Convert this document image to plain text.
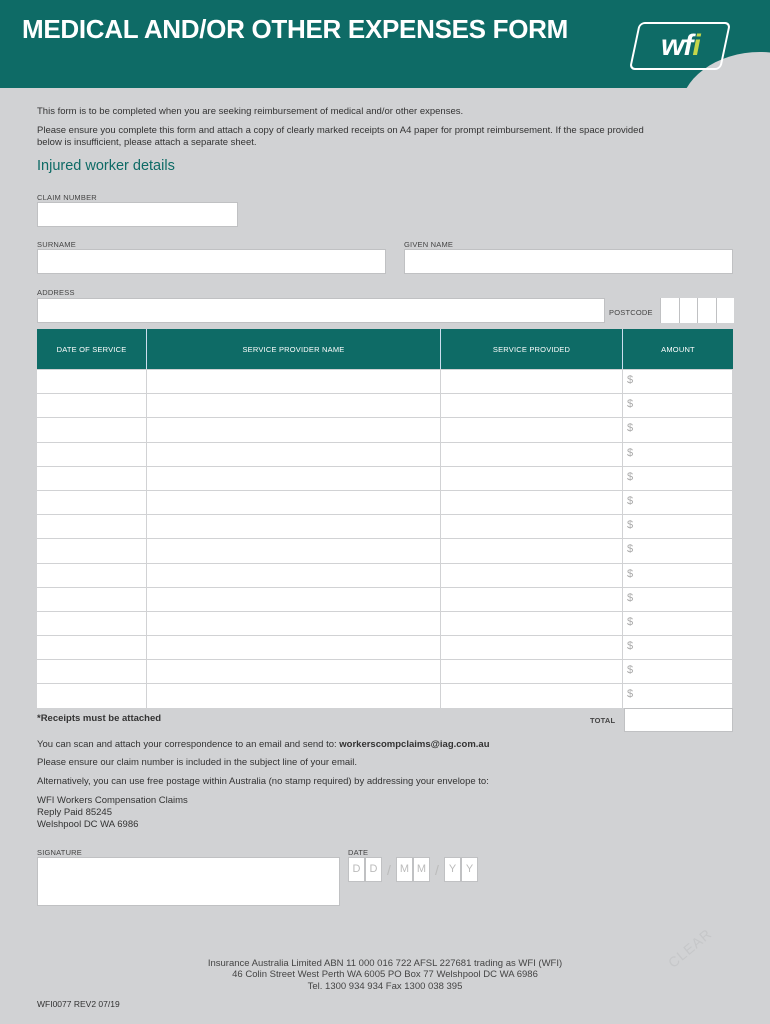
MEDICAL AND/OR OTHER EXPENSES FORM	wfi
This form is to be completed when you are seeking reimbursement of medical and/or other expenses.
Please ensure you complete this form and attach a copy of clearly marked receipts on A4 paper for prompt reimbursement. If the space provided
below is insufficient, please attach a separate sheet.
Injured worker details
CLAIM NUMBER
SURNAME	GIVEN NAME
ADDRESS
POSTCODE
DATE OF SERVICE	SERVICE PROVIDER NAME	SERVICE PROVIDED	AMOUNT
$
$
$
$
$
$
$
$
$
$
$
$
$
$
*Receipts must be attached	TOTAL
You can scan and attach your correspondence to an email and send to: workerscompclaims@iag.com.au
Please ensure our claim number is included in the subject line of your email.
Alternatively, you can use free postage within Australia (no stamp required) by addressing your envelope to:
WFI Workers Compensation Claims
Reply Paid 85245
Welshpool DC WA 6986
SIGNATURE	DATE
D D / M M / Y Y
CLEAR
Insurance Australia Limited ABN 11 000 016 722 AFSL 227681 trading as WFI (WFI)
46 Colin Street West Perth WA 6005 PO Box 77 Welshpool DC WA 6986
Tel. 1300 934 934 Fax 1300 038 395
WFI0077 REV2 07/19
